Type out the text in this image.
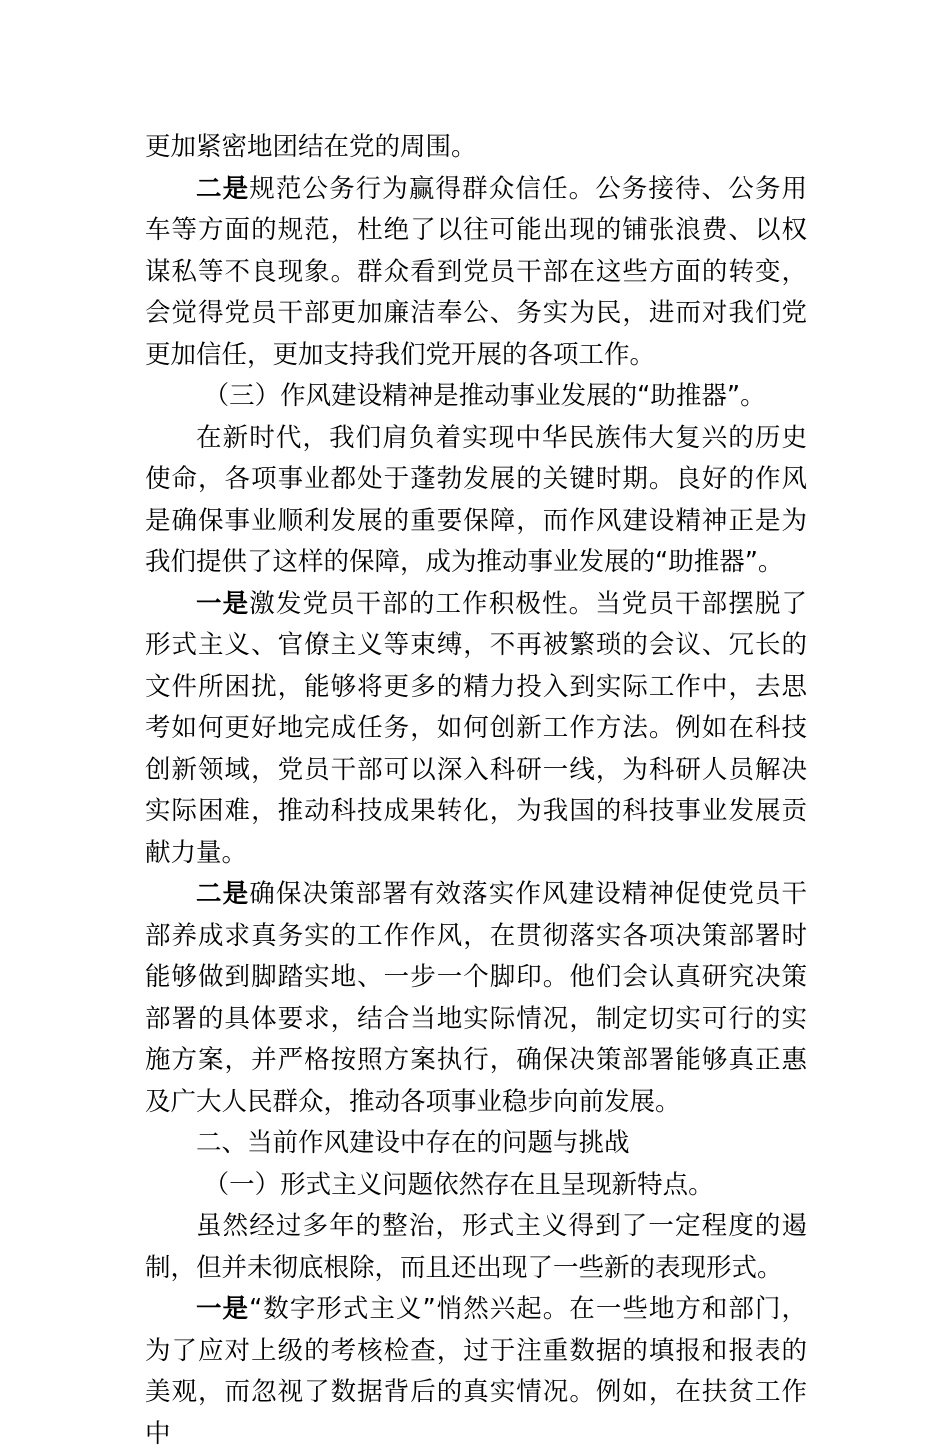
更加紧密地团结在党的周围。

二是规范公务行为赢得群众信任。公务接待、公务用车等方面的规范，杜绝了以往可能出现的铺张浪费、以权谋私等不良现象。群众看到党员干部在这些方面的转变，会觉得党员干部更加廉洁奉公、务实为民，进而对我们党更加信任，更加支持我们党开展的各项工作。

（三）作风建设精神是推动事业发展的“助推器”。

在新时代，我们肩负着实现中华民族伟大复兴的历史使命，各项事业都处于蓬勃发展的关键时期。良好的作风是确保事业顺利发展的重要保障，而作风建设精神正是为我们提供了这样的保障，成为推动事业发展的“助推器”。

一是激发党员干部的工作积极性。当党员干部摆脱了形式主义、官僚主义等束缚，不再被繁琐的会议、冗长的文件所困扰，能够将更多的精力投入到实际工作中，去思考如何更好地完成任务，如何创新工作方法。例如在科技创新领域，党员干部可以深入科研一线，为科研人员解决实际困难，推动科技成果转化，为我国的科技事业发展贡献力量。

二是确保决策部署有效落实作风建设精神促使党员干部养成求真务实的工作作风，在贯彻落实各项决策部署时能够做到脚踏实地、一步一个脚印。他们会认真研究决策部署的具体要求，结合当地实际情况，制定切实可行的实施方案，并严格按照方案执行，确保决策部署能够真正惠及广大人民群众，推动各项事业稳步向前发展。

二、当前作风建设中存在的问题与挑战

（一）形式主义问题依然存在且呈现新特点。

虽然经过多年的整治，形式主义得到了一定程度的遏制，但并未彻底根除，而且还出现了一些新的表现形式。

一是“数字形式主义”悄然兴起。在一些地方和部门，为了应对上级的考核检查，过于注重数据的填报和报表的美观，而忽视了数据背后的真实情况。例如，在扶贫工作中
